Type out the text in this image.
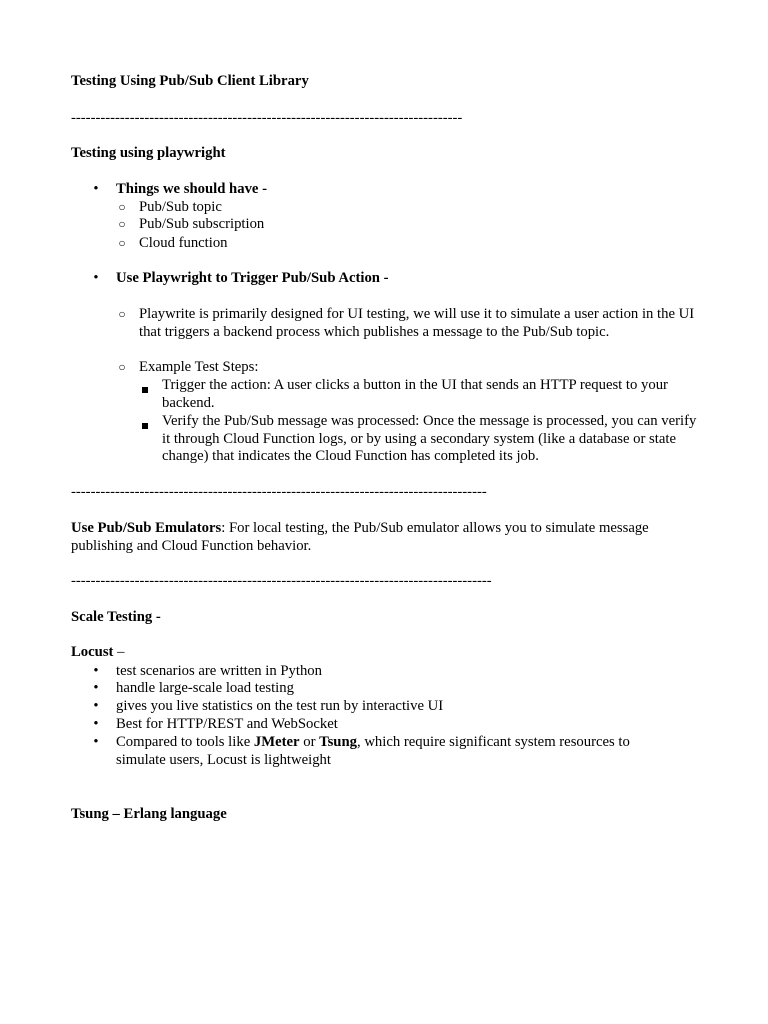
Testing Using Pub/Sub Client Library

--------------------------------------------------------------------------------

Testing using playwright

•	Things we should have -
○ Pub/Sub topic
○ Pub/Sub subscription
○ Cloud function
•	Use Playwright to Trigger Pub/Sub Action -
○ Playwrite is primarily designed for UI testing, we will use it to simulate a user action in the UI that triggers a backend process which publishes a message to the Pub/Sub topic.
○ Example Test Steps:
Trigger the action: A user clicks a button in the UI that sends an HTTP request to your backend.
Verify the Pub/Sub message was processed: Once the message is processed, you can verify it through Cloud Function logs, or by using a secondary system (like a database or state change) that indicates the Cloud Function has completed its job.

-------------------------------------------------------------------------------------

Use Pub/Sub Emulators: For local testing, the Pub/Sub emulator allows you to simulate message publishing and Cloud Function behavior.

--------------------------------------------------------------------------------------

Scale Testing -

Locust –

•	test scenarios are written in Python
•	handle large-scale load testing
•	gives you live statistics on the test run by interactive UI
•	Best for HTTP/REST and WebSocket
•	Compared to tools like JMeter or Tsung, which require significant system resources to simulate users, Locust is lightweight

Tsung – Erlang language
